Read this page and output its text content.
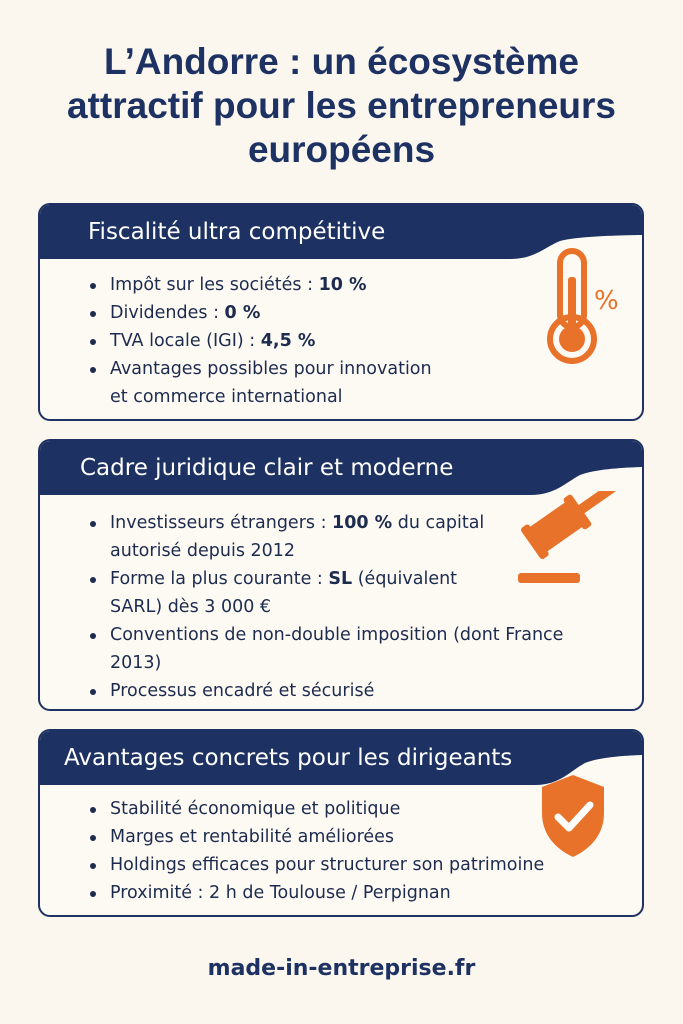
L’Andorre : un écosystème
attractif pour les entrepreneurs
européens
Fiscalité ultra compétitive
Impôt sur les sociétés : 10 %
Dividendes : 0 %
TVA locale (IGI) : 4,5 %
Avantages possibles pour innovation
et commerce international
%
Cadre juridique clair et moderne
Investisseurs étrangers : 100 % du capital
autorisé depuis 2012
Forme la plus courante : SL (équivalent
SARL) dès 3 000 €
Conventions de non-double imposition (dont France
2013)
Processus encadré et sécurisé
Avantages concrets pour les dirigeants
Stabilité économique et politique
Marges et rentabilité améliorées
Holdings efficaces pour structurer son patrimoine
Proximité : 2 h de Toulouse / Perpignan
made-in-entreprise.fr
